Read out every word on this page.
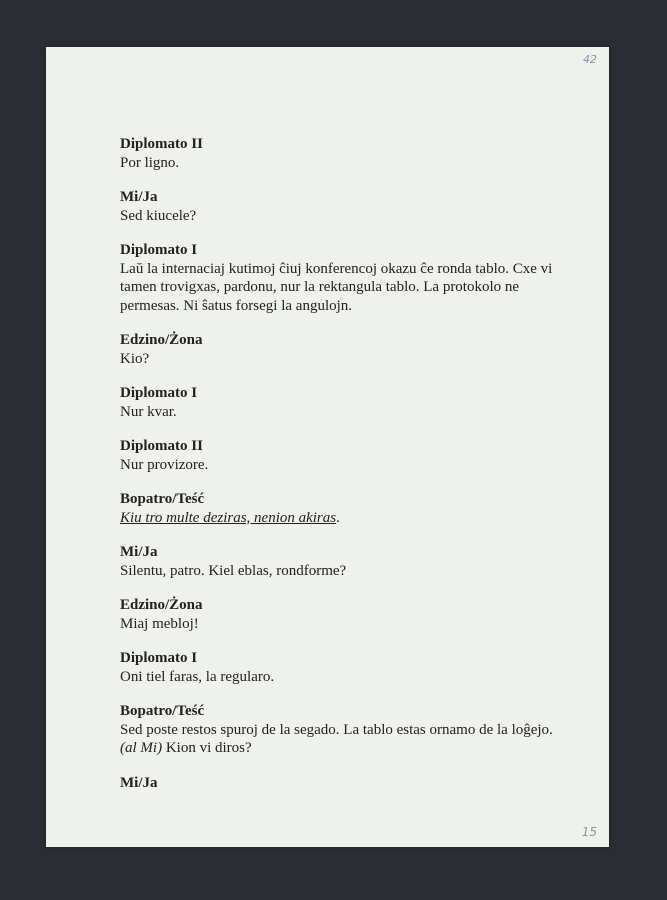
42
Diplomato II

Por ligno.

Mi/Ja

Sed kiucele?

Diplomato I

Laŭ la internaciaj kutimoj ĉiuj konferencoj okazu ĉe ronda tablo. Cxe vi tamen trovigxas, pardonu, nur la rektangula tablo. La protokolo ne permesas. Ni ŝatus forsegi la angulojn.

Edzino/Żona

Kio?

Diplomato I

Nur kvar.

Diplomato II

Nur provizore.

Bopatro/Teść

Kiu tro multe deziras, nenion akiras.

Mi/Ja

Silentu, patro. Kiel eblas, rondforme?

Edzino/Żona

Miaj mebloj!

Diplomato I

Oni tiel faras, la regularo.

Bopatro/Teść

Sed poste restos spuroj de la segado. La tablo estas ornamo de la loĝejo. (al Mi) Kion vi diros?

Mi/Ja
15
